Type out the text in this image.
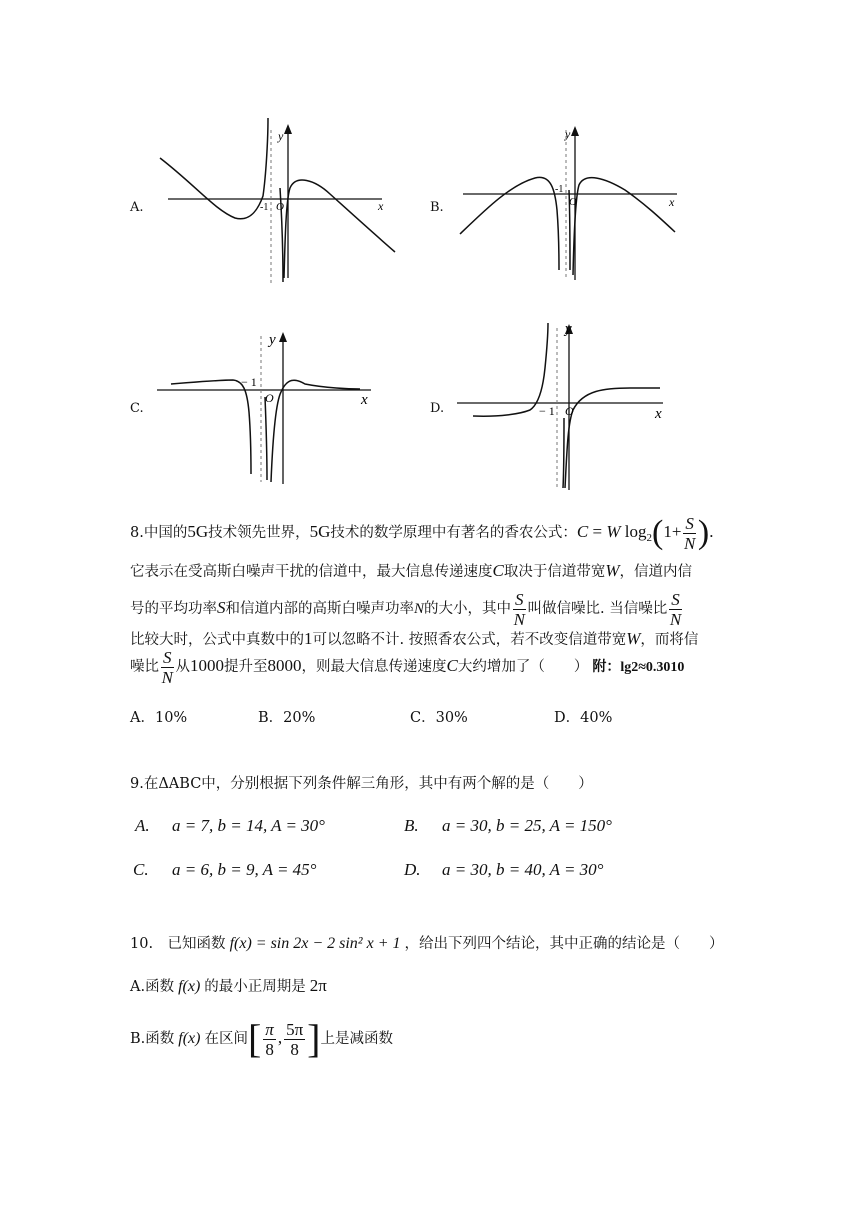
A.	B.
C.	D.
x
y
O
-1	x
y
O
-1
x
y
O
− 1
x
y
O
− 1
8.中国的5G技术领先世界，5G技术的数学原理中有著名的香农公式：C = W $\log_2(1+ \frac{S}{N}$ ).
它表示在受高斯白噪声干扰的信道中，最大信息传递速度C取决于信道带宽W，信道内信
号的平均功率S和信道内部的高斯白噪声功率N的大小，其中 $\frac{S}{N}$ 叫做信噪比. 当信噪比 $\frac{S}{N}$
比较大时，公式中真数中的1可以忽略不计. 按照香农公式，若不改变信道带宽W，而将信
噪比 $\frac{S}{N}$ 从1000提升至8000，则最大信息传递速度C大约增加了（　　） 附：lg2≈0.3010
A．10%	B．20%	C．30%	D．40%
9.在ΔABC中，分别根据下列条件解三角形，其中有两个解的是（　　）
A. a = 7, b = 14, A = 30°	B. a = 30, b = 25, A = 150°
C. a = 6, b = 9, A = 45°	D. a = 30, b = 40, A = 30°
10.　已知函数 f(x) = sin 2x − 2 sin² x + 1 ，给出下列四个结论，其中正确的结论是（　　）
A.函数 f(x) 的最小正周期是 2π
B.函数 f(x) 在区间[ $\frac{\pi}{8}$ , $\frac{5\pi}{8}$ ]上是减函数
